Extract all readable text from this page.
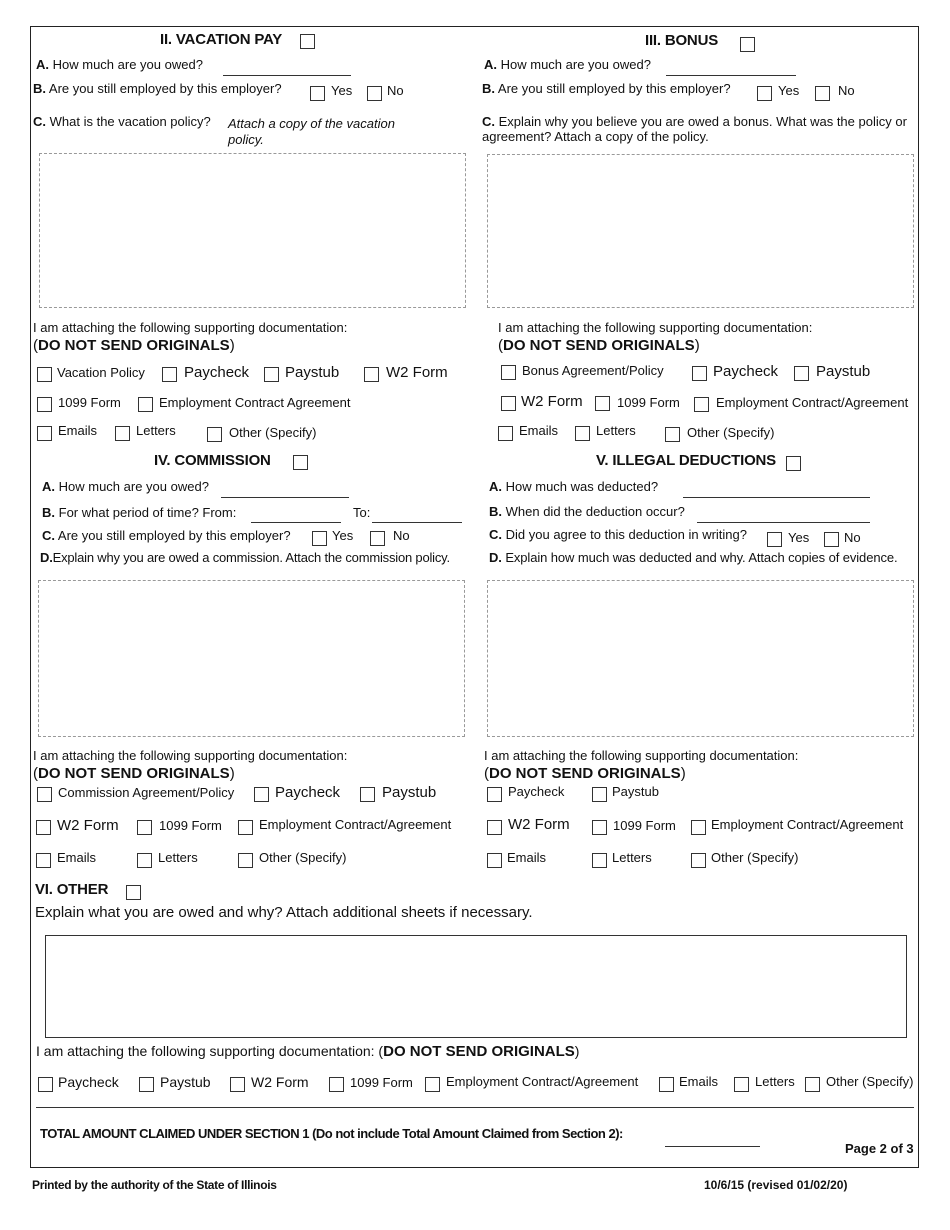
II. VACATION PAY
A. How much are you owed?
B. Are you still employed by this employer?	Yes	No
C. What is the vacation policy? Attach a copy of the vacation policy.
I am attaching the following supporting documentation:
(DO NOT SEND ORIGINALS)
Vacation Policy	Paycheck Paystub	W2 Form
1099 Form	Employment Contract Agreement
Emails	Letters	Other (Specify)
III. BONUS
A. How much are you owed?
B. Are you still employed by this employer?	Yes	No
C. Explain why you believe you are owed a bonus. What was the policy or agreement? Attach a copy of the policy.
I am attaching the following supporting documentation:
(DO NOT SEND ORIGINALS)
Bonus Agreement/Policy	Paycheck	Paystub
W2 Form	1099 Form	Employment Contract/Agreement
Emails	Letters	Other (Specify)
IV. COMMISSION
A. How much are you owed?
B. For what period of time? From:	To:
C. Are you still employed by this employer?	Yes	No
D.Explain why you are owed a commission. Attach the commission policy.
I am attaching the following supporting documentation:
(DO NOT SEND ORIGINALS)
Commission Agreement/Policy	Paycheck	Paystub
W2 Form	1099 Form	Employment Contract/Agreement
Emails	Letters	Other (Specify)
V. ILLEGAL DEDUCTIONS
A. How much was deducted?
B. When did the deduction occur?
C. Did you agree to this deduction in writing?	Yes	No
D. Explain how much was deducted and why. Attach copies of evidence.
I am attaching the following supporting documentation:
(DO NOT SEND ORIGINALS)
Paycheck	Paystub
W2 Form	1099 Form	Employment Contract/Agreement
Emails	Letters	Other (Specify)
VI. OTHER
Explain what you are owed and why? Attach additional sheets if necessary.
I am attaching the following supporting documentation: (DO NOT SEND ORIGINALS)
Paycheck	Paystub	W2 Form	1099 Form	Employment Contract/Agreement	Emails	Letters Other (Specify)
TOTAL AMOUNT CLAIMED UNDER SECTION 1 (Do not include Total Amount Claimed from Section 2):
Page 2 of 3
Printed by the authority of the State of Illinois	10/6/15 (revised 01/02/20)
